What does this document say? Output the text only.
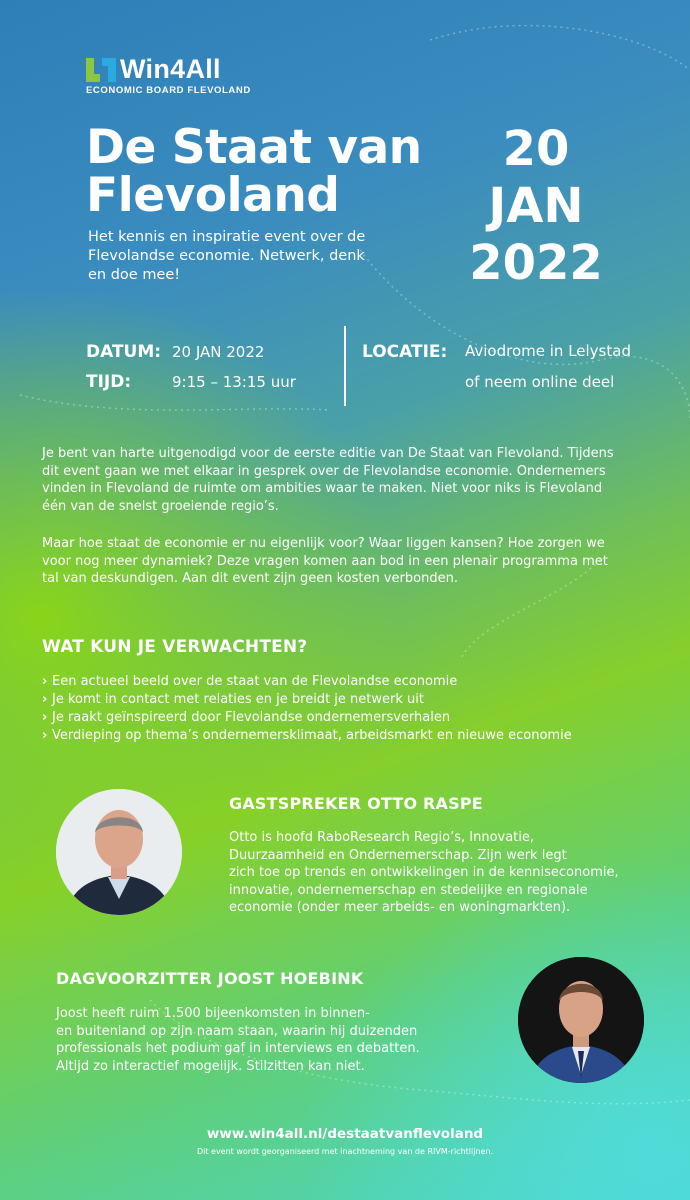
Win4All
ECONOMIC BOARD FLEVOLAND
De Staat van
Flevoland
Het kennis en inspiratie event over de
Flevolandse economie. Netwerk, denk
en doe mee!
20
JAN
2022
DATUM: 20 JAN 2022
TIJD:	9:15 – 13:15 uur
LOCATIE:	Aviodrome in Lelystad
of neem online deel
Je bent van harte uitgenodigd voor de eerste editie van De Staat van Flevoland. Tijdens
dit event gaan we met elkaar in gesprek over de Flevolandse economie. Ondernemers
vinden in Flevoland de ruimte om ambities waar te maken. Niet voor niks is Flevoland
één van de snelst groeiende regio’s.
Maar hoe staat de economie er nu eigenlijk voor? Waar liggen kansen? Hoe zorgen we
voor nog meer dynamiek? Deze vragen komen aan bod in een plenair programma met
tal van deskundigen. Aan dit event zijn geen kosten verbonden.
WAT KUN JE VERWACHTEN?
› Een actueel beeld over de staat van de Flevolandse economie
› Je komt in contact met relaties en je breidt je netwerk uit
› Je raakt geïnspireerd door Flevolandse ondernemersverhalen
› Verdieping op thema’s ondernemersklimaat, arbeidsmarkt en nieuwe economie
GASTSPREKER OTTO RASPE
Otto is hoofd RaboResearch Regio’s, Innovatie,
Duurzaamheid en Ondernemerschap. Zijn werk legt
zich toe op trends en ontwikkelingen in de kenniseconomie,
innovatie, ondernemerschap en stedelijke en regionale
economie (onder meer arbeids- en woningmarkten).
DAGVOORZITTER JOOST HOEBINK
Joost heeft ruim 1.500 bijeenkomsten in binnen-
en buitenland op zijn naam staan, waarin hij duizenden
professionals het podium gaf in interviews en debatten.
Altijd zo interactief mogelijk. Stilzitten kan niet.
www.win4all.nl/destaatvanflevoland
Dit event wordt georganiseerd met inachtneming van de RIVM-richtlijnen.
